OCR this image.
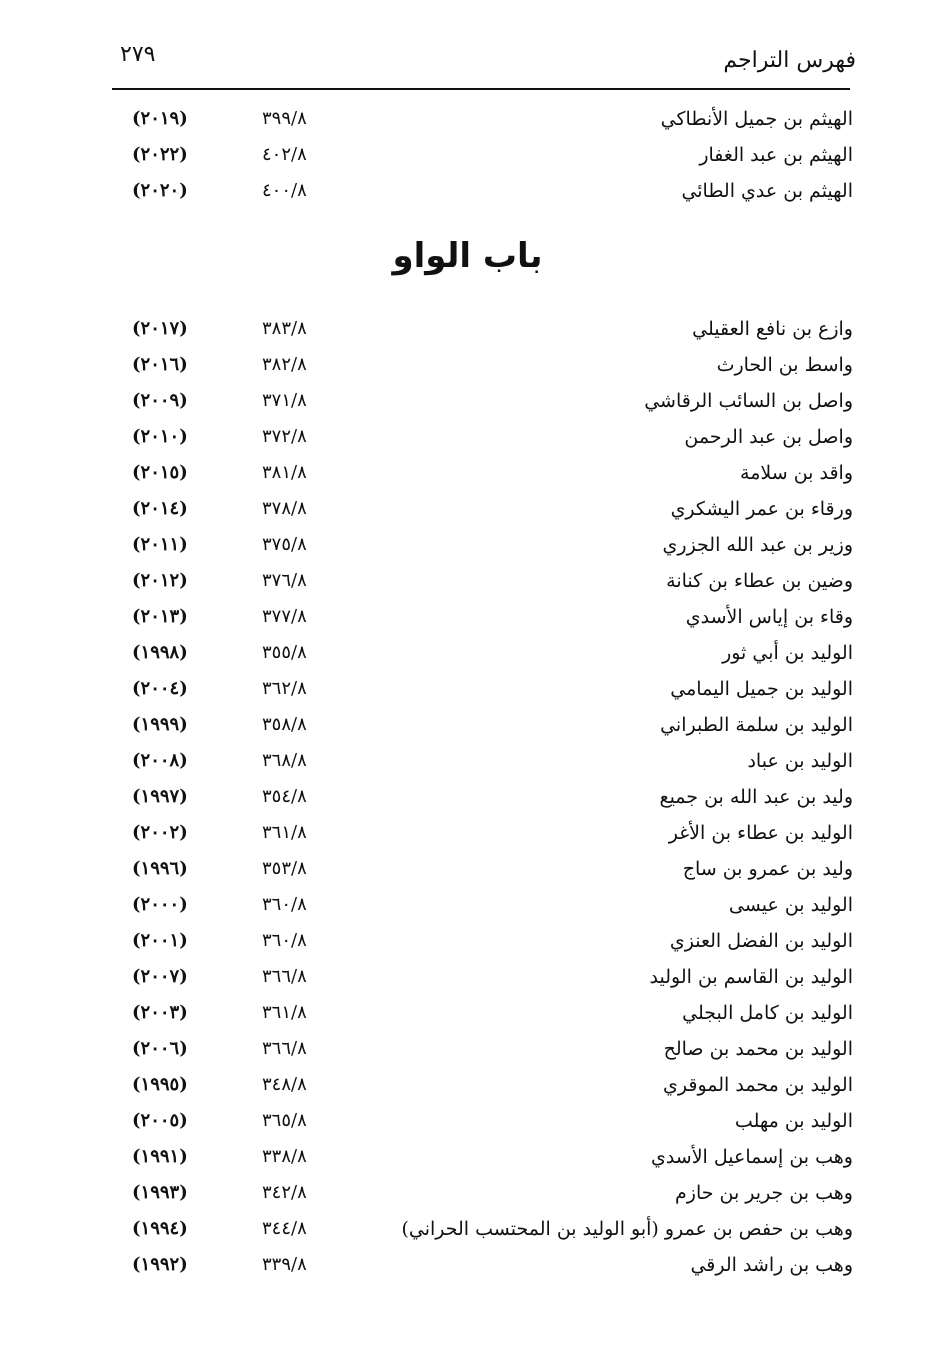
فهرس التراجم
٢٧٩
الهيثم بن جميل الأنطاكي
٣٩٩/٨
(٢٠١٩)
الهيثم بن عبد الغفار
٤٠٢/٨
(٢٠٢٢)
الهيثم بن عدي الطائي
٤٠٠/٨
(٢٠٢٠)
باب الواو
وازع بن نافع العقيلي
٣٨٣/٨
(٢٠١٧)
واسط بن الحارث
٣٨٢/٨
(٢٠١٦)
واصل بن السائب الرقاشي
٣٧١/٨
(٢٠٠٩)
واصل بن عبد الرحمن
٣٧٢/٨
(٢٠١٠)
واقد بن سلامة
٣٨١/٨
(٢٠١٥)
ورقاء بن عمر اليشكري
٣٧٨/٨
(٢٠١٤)
وزير بن عبد الله الجزري
٣٧٥/٨
(٢٠١١)
وضين بن عطاء بن كنانة
٣٧٦/٨
(٢٠١٢)
وقاء بن إياس الأسدي
٣٧٧/٨
(٢٠١٣)
الوليد بن أبي ثور
٣٥٥/٨
(١٩٩٨)
الوليد بن جميل اليمامي
٣٦٢/٨
(٢٠٠٤)
الوليد بن سلمة الطبراني
٣٥٨/٨
(١٩٩٩)
الوليد بن عباد
٣٦٨/٨
(٢٠٠٨)
وليد بن عبد الله بن جميع
٣٥٤/٨
(١٩٩٧)
الوليد بن عطاء بن الأغر
٣٦١/٨
(٢٠٠٢)
وليد بن عمرو بن ساج
٣٥٣/٨
(١٩٩٦)
الوليد بن عيسى
٣٦٠/٨
(٢٠٠٠)
الوليد بن الفضل العنزي
٣٦٠/٨
(٢٠٠١)
الوليد بن القاسم بن الوليد
٣٦٦/٨
(٢٠٠٧)
الوليد بن كامل البجلي
٣٦١/٨
(٢٠٠٣)
الوليد بن محمد بن صالح
٣٦٦/٨
(٢٠٠٦)
الوليد بن محمد الموقري
٣٤٨/٨
(١٩٩٥)
الوليد بن مهلب
٣٦٥/٨
(٢٠٠٥)
وهب بن إسماعيل الأسدي
٣٣٨/٨
(١٩٩١)
وهب بن جرير بن حازم
٣٤٢/٨
(١٩٩٣)
وهب بن حفص بن عمرو (أبو الوليد بن المحتسب الحراني)
٣٤٤/٨
(١٩٩٤)
وهب بن راشد الرقي
٣٣٩/٨
(١٩٩٢)
